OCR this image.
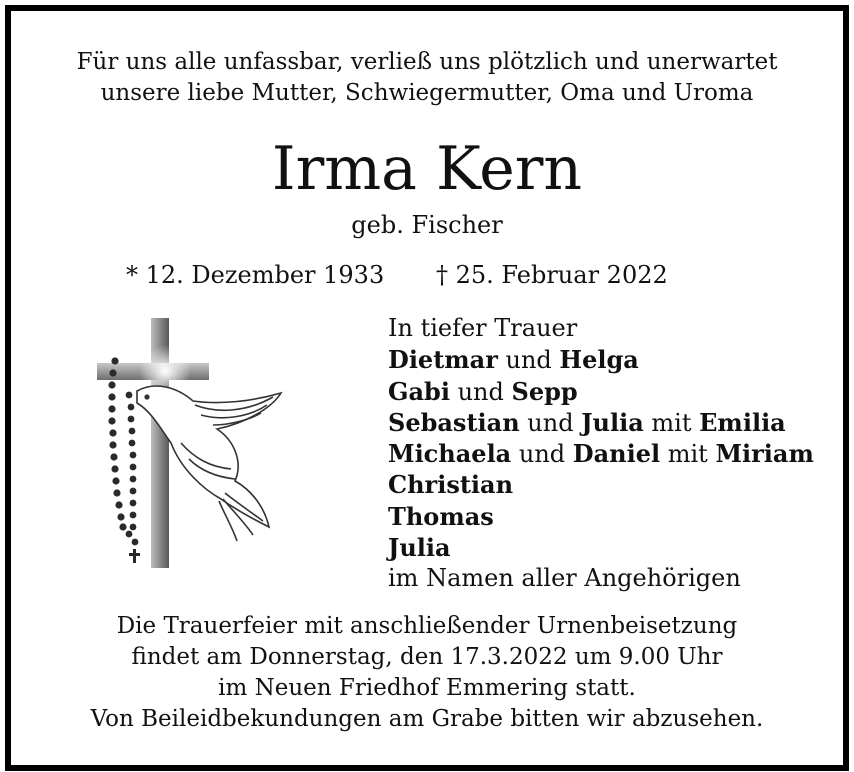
Für uns alle unfassbar, verließ uns plötzlich und unerwartet
unsere liebe Mutter, Schwiegermutter, Oma und Uroma
Irma Kern
geb. Fischer
* 12. Dezember 1933 † 25. Februar 2022
In tiefer Trauer
Dietmar und Helga
Gabi und Sepp
Sebastian und Julia mit Emilia
Michaela und Daniel mit Miriam
Christian
Thomas
Julia
im Namen aller Angehörigen
Die Trauerfeier mit anschließender Urnenbeisetzung
findet am Donnerstag, den 17.3.2022 um 9.00 Uhr
im Neuen Friedhof Emmering statt.
Von Beileidbekundungen am Grabe bitten wir abzusehen.
